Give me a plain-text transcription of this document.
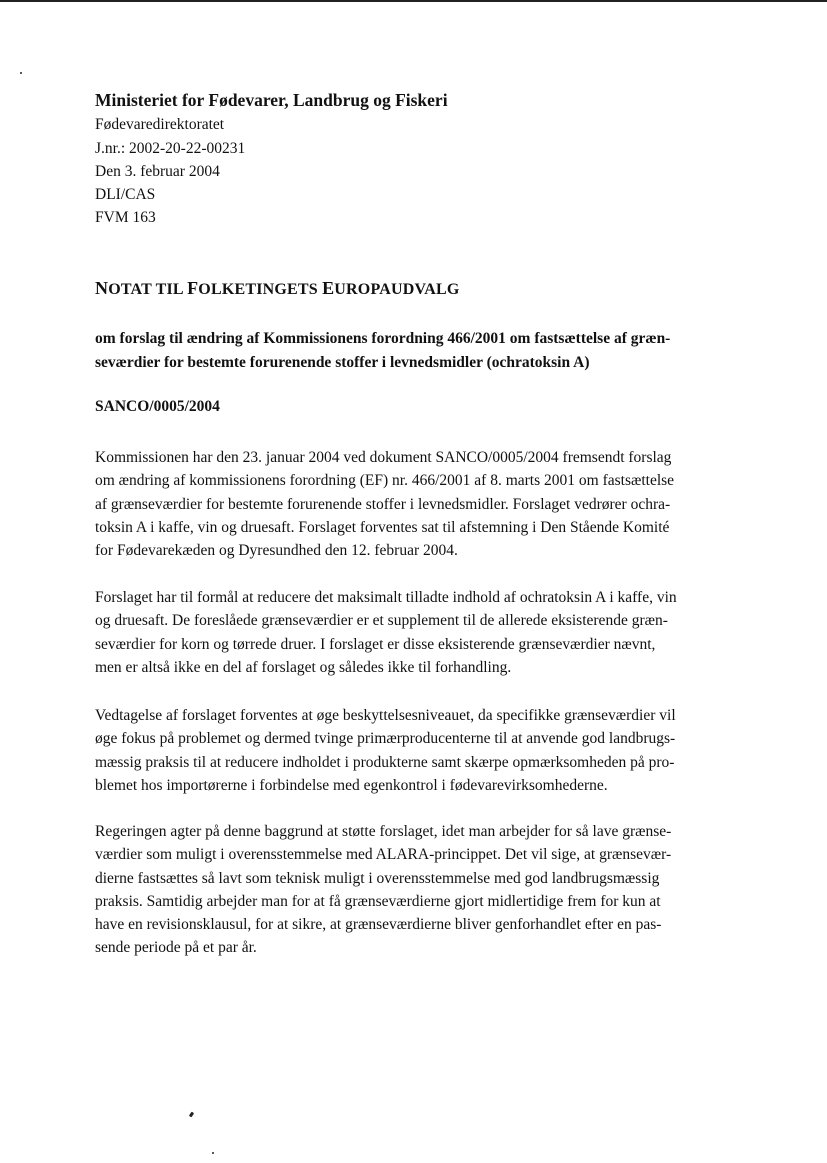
Ministeriet for Fødevarer, Landbrug og Fiskeri
Fødevaredirektoratet
J.nr.: 2002-20-22-00231
Den 3. februar 2004
DLI/CAS
FVM 163
NOTAT TIL FOLKETINGETS EUROPAUDVALG
om forslag til ændring af Kommissionens forordning 466/2001 om fastsættelse af græn-
seværdier for bestemte forurenende stoffer i levnedsmidler (ochratoksin A)
SANCO/0005/2004
Kommissionen har den 23. januar 2004 ved dokument SANCO/0005/2004 fremsendt forslag
om ændring af kommissionens forordning (EF) nr. 466/2001 af 8. marts 2001 om fastsættelse
af grænseværdier for bestemte forurenende stoffer i levnedsmidler. Forslaget vedrører ochra-
toksin A i kaffe, vin og druesaft. Forslaget forventes sat til afstemning i Den Stående Komité
for Fødevarekæden og Dyresundhed den 12. februar 2004.
Forslaget har til formål at reducere det maksimalt tilladte indhold af ochratoksin A i kaffe, vin
og druesaft. De foreslåede grænseværdier er et supplement til de allerede eksisterende græn-
seværdier for korn og tørrede druer. I forslaget er disse eksisterende grænseværdier nævnt,
men er altså ikke en del af forslaget og således ikke til forhandling.
Vedtagelse af forslaget forventes at øge beskyttelsesniveauet, da specifikke grænseværdier vil
øge fokus på problemet og dermed tvinge primærproducenterne til at anvende god landbrugs-
mæssig praksis til at reducere indholdet i produkterne samt skærpe opmærksomheden på pro-
blemet hos importørerne i forbindelse med egenkontrol i fødevarevirksomhederne.
Regeringen agter på denne baggrund at støtte forslaget, idet man arbejder for så lave grænse-
værdier som muligt i overensstemmelse med ALARA-princippet. Det vil sige, at grænsevær-
dierne fastsættes så lavt som teknisk muligt i overensstemmelse med god landbrugsmæssig
praksis. Samtidig arbejder man for at få grænseværdierne gjort midlertidige frem for kun at
have en revisionsklausul, for at sikre, at grænseværdierne bliver genforhandlet efter en pas-
sende periode på et par år.
